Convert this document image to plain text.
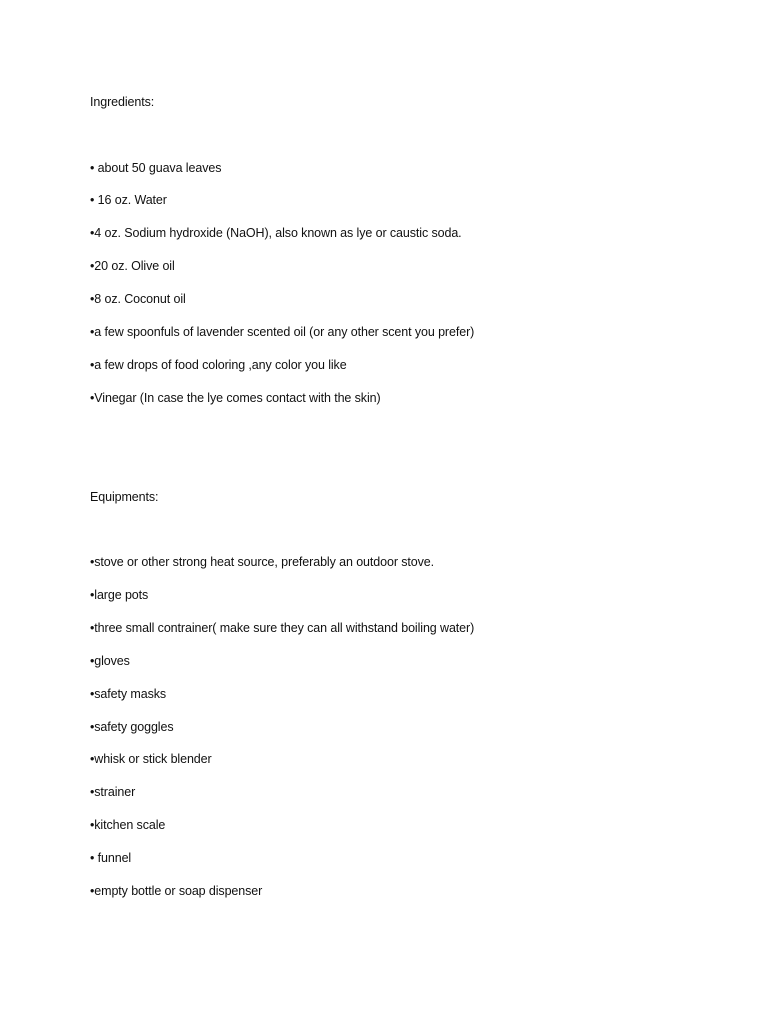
Ingredients:
• about 50 guava leaves
• 16 oz. Water
•4 oz. Sodium hydroxide (NaOH), also known as lye or caustic soda.
•20 oz. Olive oil
•8 oz. Coconut oil
•a few spoonfuls of lavender scented oil (or any other scent you prefer)
•a few drops of food coloring ,any color you like
•Vinegar (In case the lye comes contact with the skin)
Equipments:
•stove or other strong heat source, preferably an outdoor stove.
•large pots
•three small contrainer( make sure they can all withstand boiling water)
•gloves
•safety masks
•safety goggles
•whisk or stick blender
•strainer
•kitchen scale
• funnel
•empty bottle or soap dispenser
